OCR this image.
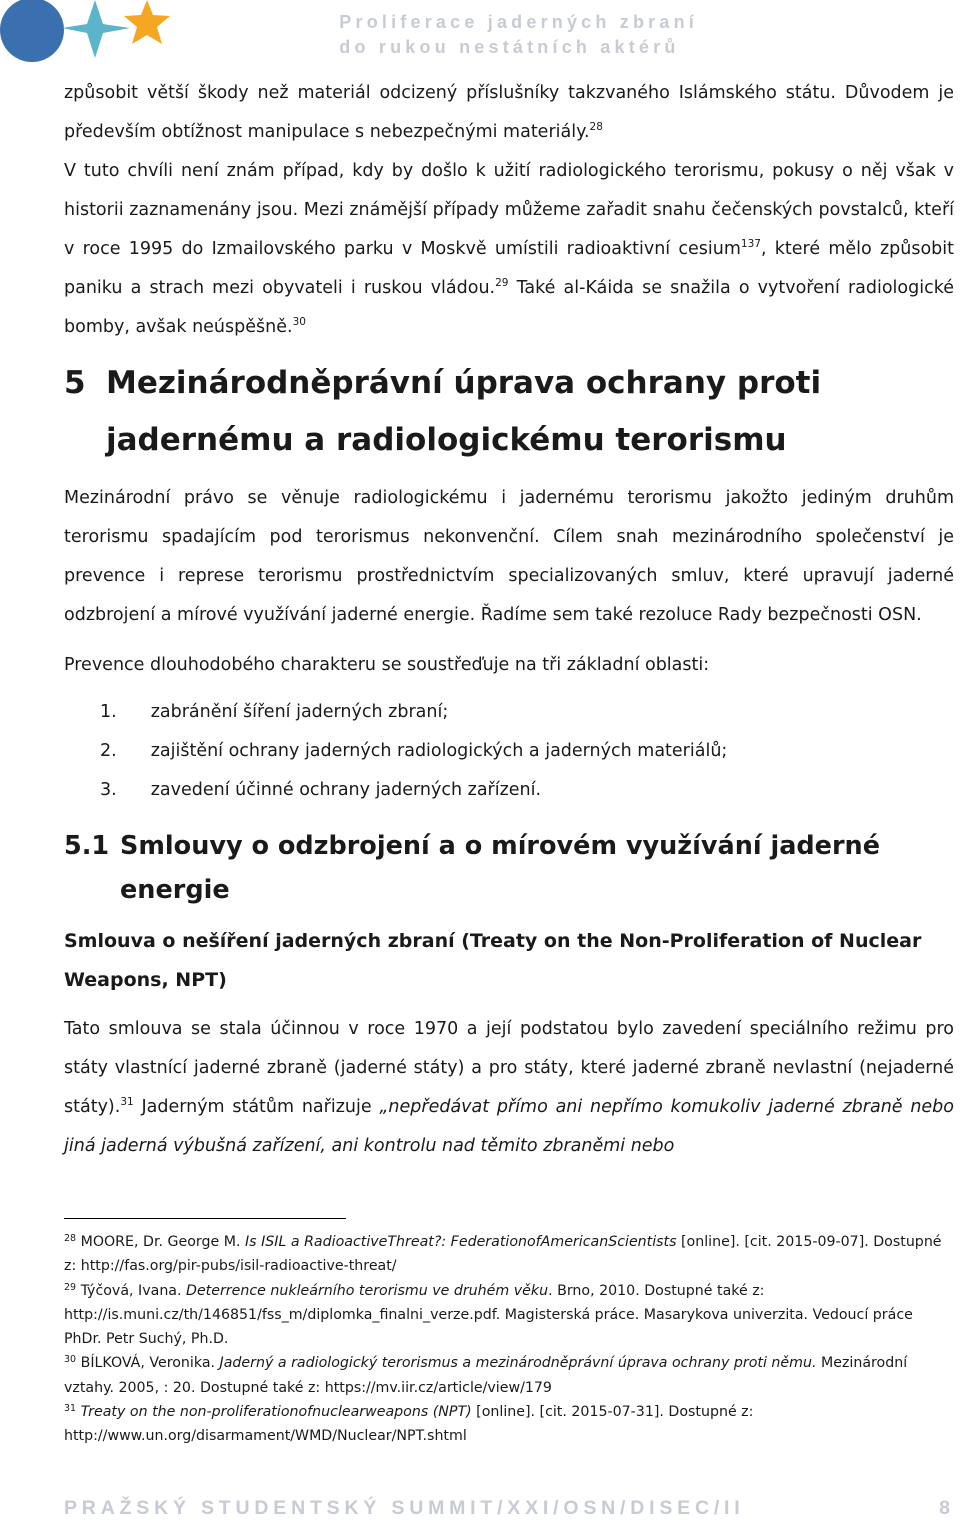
Proliferace jaderných zbraní
do rukou nestátních aktérů

způsobit větší škody než materiál odcizený příslušníky takzvaného Islámského státu. Důvodem je především obtížnost manipulace s nebezpečnými materiály.$^{28}$

V tuto chvíli není znám případ, kdy by došlo k užití radiologického terorismu, pokusy o něj však v historii zaznamenány jsou. Mezi známější případy můžeme zařadit snahu čečenských povstalců, kteří v roce 1995 do Izmailovského parku v Moskvě umístili radioaktivní cesium$^{137}$, které mělo způsobit paniku a strach mezi obyvateli i ruskou vládou.$^{29}$ Také al-Káida se snažila o vytvoření radiologické bomby, avšak neúspěšně.$^{30}$

5 Mezinárodněprávní úprava ochrany proti jadernému a radiologickému terorismu

Mezinárodní právo se věnuje radiologickému i jadernému terorismu jakožto jediným druhům terorismu spadajícím pod terorismus nekonvenční. Cílem snah mezinárodního společenství je prevence i represe terorismu prostřednictvím specializovaných smluv, které upravují jaderné odzbrojení a mírové využívání jaderné energie. Řadíme sem také rezoluce Rady bezpečnosti OSN.

Prevence dlouhodobého charakteru se soustřeďuje na tři základní oblasti:

1. zabránění šíření jaderných zbraní;
2. zajištění ochrany jaderných radiologických a jaderných materiálů;
3. zavedení účinné ochrany jaderných zařízení.
5.1 Smlouvy o odzbrojení a o mírovém využívání jaderné energie
Smlouva o nešíření jaderných zbraní (Treaty on the Non-Proliferation of Nuclear Weapons, NPT)

Tato smlouva se stala účinnou v roce 1970 a její podstatou bylo zavedení speciálního režimu pro státy vlastnící jaderné zbraně (jaderné státy) a pro státy, které jaderné zbraně nevlastní (nejaderné státy).$^{31}$ Jaderným státům nařizuje „nepředávat přímo ani nepřímo komukoliv jaderné zbraně nebo jiná jaderná výbušná zařízení, ani kontrolu nad těmito zbraněmi nebo

$^{28}$ MOORE, Dr. George M. Is ISIL a RadioactiveThreat?: FederationofAmericanScientists [online]. [cit. 2015-09-07]. Dostupné z: http://fas.org/pir-pubs/isil-radioactive-threat/
$^{29}$ Týčová, Ivana. Deterrence nukleárního terorismu ve druhém věku. Brno, 2010. Dostupné také z: http://is.muni.cz/th/146851/fss_m/diplomka_finalni_verze.pdf. Magisterská práce. Masarykova univerzita. Vedoucí práce PhDr. Petr Suchý, Ph.D.
$^{30}$ BÍLKOVÁ, Veronika. Jaderný a radiologický terorismus a mezinárodněprávní úprava ochrany proti němu. Mezinárodní vztahy. 2005, : 20. Dostupné také z: https://mv.iir.cz/article/view/179
$^{31}$ Treaty on the non-proliferationofnuclearweapons (NPT) [online]. [cit. 2015-07-31]. Dostupné z: http://www.un.org/disarmament/WMD/Nuclear/NPT.shtml
PRAŽSKÝ STUDENTSKÝ SUMMIT/XXI/OSN/DISEC/II	8
